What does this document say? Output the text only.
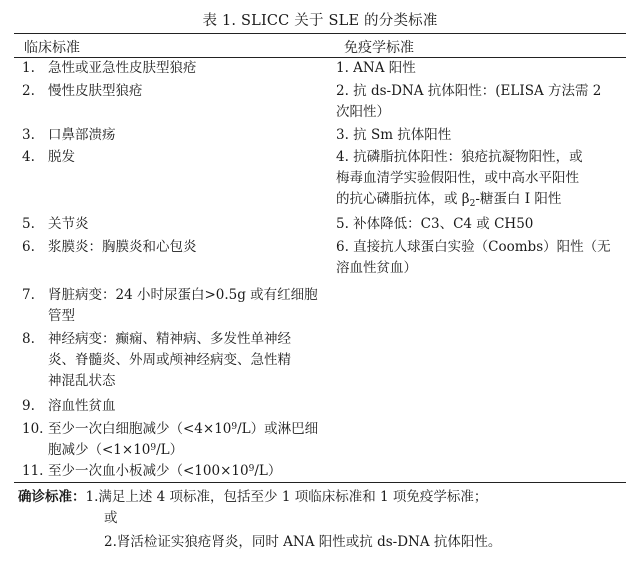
表 1. SLICC 关于 SLE 的分类标准
临床标准	免疫学标准
1. 急性或亚急性皮肤型狼疮
2. 慢性皮肤型狼疮
3. 口鼻部溃疡
4. 脱发
5. 关节炎
6. 浆膜炎：胸膜炎和心包炎
7. 肾脏病变：24 小时尿蛋白>0.5g 或有红细胞
管型
8. 神经病变：癫痫、精神病、多发性单神经
炎、脊髓炎、外周或颅神经病变、急性精
神混乱状态
9. 溶血性贫血
10. 至少一次白细胞减少$(<4\times 10^9/L)$或淋巴细
胞减少$(<1\times 10^9/L)$
11. 至少一次血小板减少$(<100\times 10^9/L)$
1. ANA 阳性
2. 抗 ds-DNA 抗体阳性：(ELISA 方法需 2
次阳性）
3. 抗 Sm 抗体阳性
4. 抗磷脂抗体阳性：狼疮抗凝物阳性，或
梅毒血清学实验假阳性，或中高水平阳性
的抗心磷脂抗体，或 $\beta_2-$糖蛋白 I 阳性
5. 补体降低：C3、C4 或 CH50
6. 直接抗人球蛋白实验（Coombs）阳性（无
溶血性贫血）
确诊标准：1.满足上述 4 项标准，包括至少 1 项临床标准和 1 项免疫学标准；
或
2.肾活检证实狼疮肾炎，同时 ANA 阳性或抗 ds-DNA 抗体阳性。
